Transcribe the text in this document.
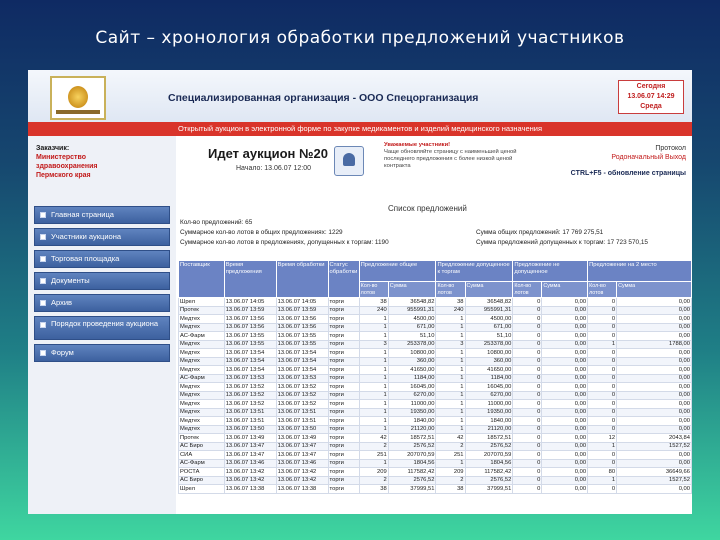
Сайт – хронология обработки предложений участников
Специализированная организация - ООО Спецорганизация
Сегодня
13.06.07 14:29
Среда
Открытый аукцион в электронной форме по закупке медикаментов и изделий медицинского назначения
Заказчик:
Министерство
здравоохранения
Пермского края
Главная страница
Участники аукциона
Торговая площадка
Документы
Архив
Порядок проведения аукциона
Форум
Идет аукцион №20
Начало: 13.06.07 12:00
Уважаемые участники!
Чаще обновляйте страницу с наименьшей ценой последнего предложения с более низкой ценой контракта
Протокол
Родоначальный Выход
CTRL+F5 - обновление страницы
Список предложений
Кол-во предложений: 65
Суммарное кол-во лотов в общих предложениях: 1229	Сумма общих предложений: 17 769 275,51
Суммарное кол-во лотов в предложениях, допущенных к торгам: 1190	Сумма предложений допущенных к торгам: 17 723 570,15
Поставщик	Время предложения	Время обработки	Статус обработки	Предложение общее		Предложение допущенное к торгам		Предложение не допущенное		Предложение на 2 место	
				Кол-во лотов	Сумма	Кол-во лотов	Сумма	Кол-во лотов	Сумма	Кол-во лотов	Сумма
Шрел	13.06.07 14:05	13.06.07 14:05	торги	38	36548,82	38	36548,82	0	0,00	0	0,00
Протек	13.06.07 13:59	13.06.07 13:59	торги	240	955991,31	240	955991,31	0	0,00	0	0,00
Медтех	13.06.07 13:56	13.06.07 13:56	торги	1	4500,00	1	4500,00	0	0,00	0	0,00
Медтех	13.06.07 13:56	13.06.07 13:56	торги	1	671,00	1	671,00	0	0,00	0	0,00
АС-Фарм	13.06.07 13:55	13.06.07 13:55	торги	1	51,10	1	51,10	0	0,00	0	0,00
Медтех	13.06.07 13:55	13.06.07 13:55	торги	3	253378,00	3	253378,00	0	0,00	1	1788,00
Медтех	13.06.07 13:54	13.06.07 13:54	торги	1	10800,00	1	10800,00	0	0,00	0	0,00
Медтех	13.06.07 13:54	13.06.07 13:54	торги	1	360,00	1	360,00	0	0,00	0	0,00
Медтех	13.06.07 13:54	13.06.07 13:54	торги	1	41650,00	1	41650,00	0	0,00	0	0,00
АС-Фарм	13.06.07 13:53	13.06.07 13:53	торги	1	1184,00	1	1184,00	0	0,00	0	0,00
Медтех	13.06.07 13:52	13.06.07 13:52	торги	1	16045,00	1	16045,00	0	0,00	0	0,00
Медтех	13.06.07 13:52	13.06.07 13:52	торги	1	6270,00	1	6270,00	0	0,00	0	0,00
Медтех	13.06.07 13:52	13.06.07 13:52	торги	1	11000,00	1	11000,00	0	0,00	0	0,00
Медтех	13.06.07 13:51	13.06.07 13:51	торги	1	19350,00	1	19350,00	0	0,00	0	0,00
Медтех	13.06.07 13:51	13.06.07 13:51	торги	1	1840,00	1	1840,00	0	0,00	0	0,00
Медтех	13.06.07 13:50	13.06.07 13:50	торги	1	21120,00	1	21120,00	0	0,00	0	0,00
Протек	13.06.07 13:49	13.06.07 13:49	торги	42	18572,51	42	18572,51	0	0,00	12	2043,84
АС Биро	13.06.07 13:47	13.06.07 13:47	торги	2	2576,52	2	2576,52	0	0,00	1	1527,52
СИА	13.06.07 13:47	13.06.07 13:47	торги	251	207070,59	251	207070,59	0	0,00	0	0,00
АС-Фарм	13.06.07 13:46	13.06.07 13:46	торги	1	1804,56	1	1804,56	0	0,00	0	0,00
РОСТА	13.06.07 13:42	13.06.07 13:42	торги	209	117582,42	209	117582,42	0	0,00	80	36649,66
АС Биро	13.06.07 13:42	13.06.07 13:42	торги	2	2576,52	2	2576,52	0	0,00	1	1527,52
Шрел	13.06.07 13:38	13.06.07 13:38	торги	38	37999,51	38	37999,51	0	0,00	0	0,00
